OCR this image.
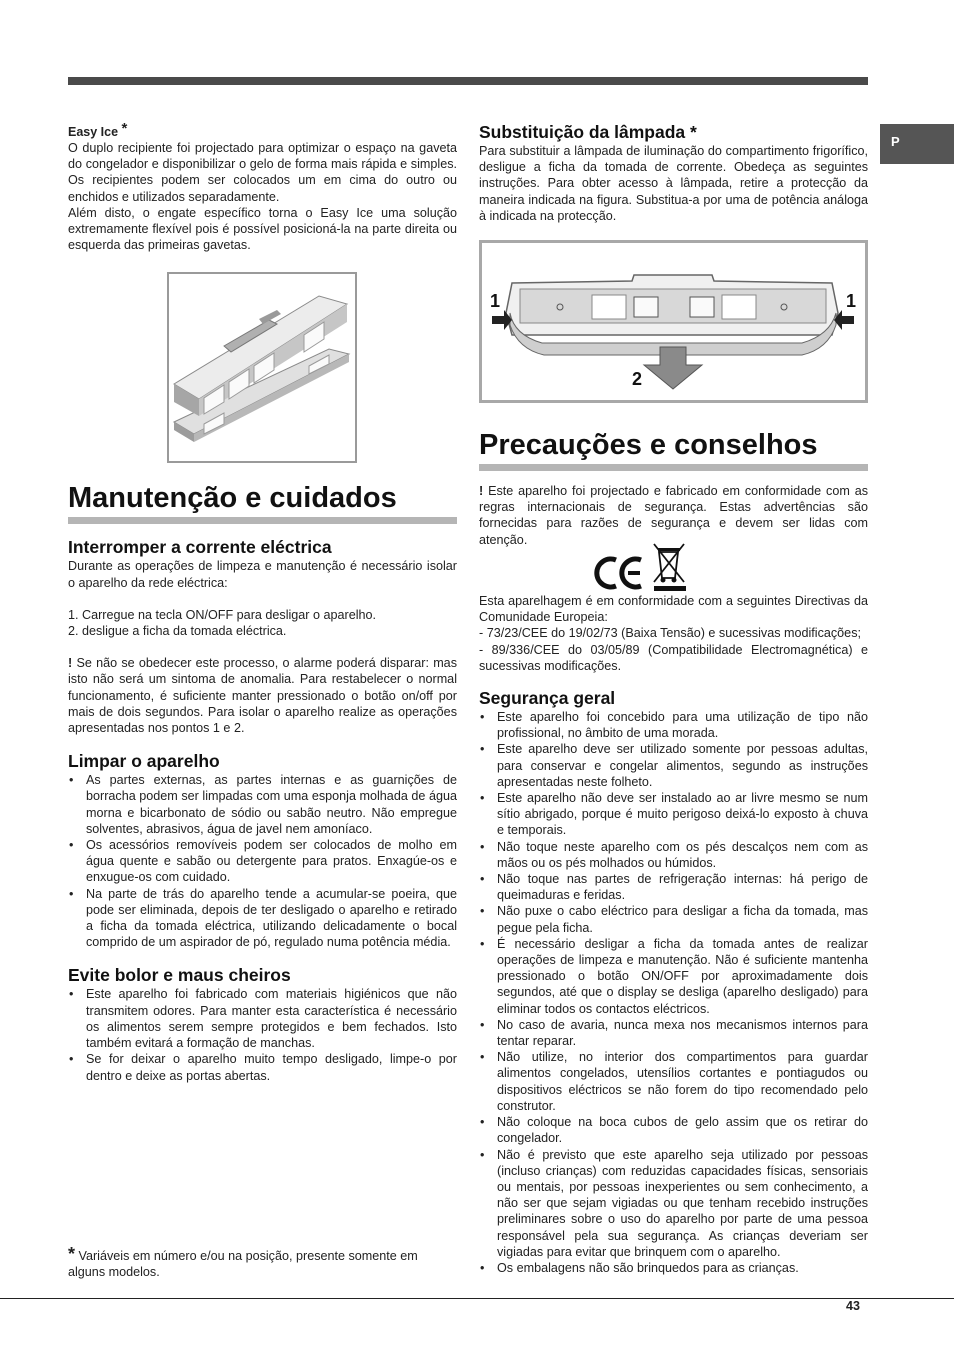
P
Easy Ice *

O duplo recipiente foi projectado para optimizar o espaço na gaveta do congelador e disponibilizar o gelo de forma mais rápida e simples. Os recipientes podem ser colocados um em cima do outro ou enchidos e utilizados separadamente.

Além disto, o engate específico torna o Easy Ice uma solução extremamente flexível pois é possível posicioná-la na parte direita ou esquerda das primeiras gavetas.

Manutenção e cuidados
Interromper a corrente eléctrica

Durante as operações de limpeza e manutenção é necessário isolar o aparelho da rede eléctrica:

1. Carregue na tecla ON/OFF para desligar o aparelho.

2. desligue a ficha da tomada eléctrica.

! Se não se obedecer este processo, o alarme poderá disparar: mas isto não será um sintoma de anomalia. Para restabelecer o normal funcionamento, é suficiente manter pressionado o botão on/off por mais de dois segundos. Para isolar o aparelho realize as operações apresentadas nos pontos 1 e 2.

Limpar o aparelho
• As partes externas, as partes internas e as guarnições de borracha podem ser limpadas com uma esponja molhada de água morna e bicarbonato de sódio ou sabão neutro. Não empregue solventes, abrasivos, água de javel nem amoníaco.
• Os acessórios removíveis podem ser colocados de molho em água quente e sabão ou detergente para pratos. Enxagúe-os e enxugue-os com cuidado.
• Na parte de trás do aparelho tende a acumular-se poeira, que pode ser eliminada, depois de ter desligado o aparelho e retirado a ficha da tomada eléctrica, utilizando delicadamente o bocal comprido de um aspirador de pó, regulado numa potência média.
Evite bolor e maus cheiros
• Este aparelho foi fabricado com materiais higiénicos que não transmitem odores. Para manter esta característica é necessário os alimentos serem sempre protegidos e bem fechados. Isto também evitará a formação de manchas.
• Se for deixar o aparelho muito tempo desligado, limpe-o por dentro e deixe as portas abertas.
* Variáveis em número e/ou na posição, presente somente em alguns modelos.
Substituição da lâmpada *

Para substituir a lâmpada de iluminação do compartimento frigorífico, desligue a ficha da tomada de corrente. Obedeça as seguintes instruções. Para obter acesso à lâmpada, retire a protecção da maneira indicada na figura. Substitua-a por uma de potência análoga à indicada na protecção.

1	1
2
Precauções e conselhos

! Este aparelho foi projectado e fabricado em conformidade com as regras internacionais de segurança. Estas advertências são fornecidas para razões de segurança e devem ser lidas com atenção.

Esta aparelhagem é em conformidade com a seguintes Directivas da Comunidade Europeia:

- 73/23/CEE do 19/02/73 (Baixa Tensão) e sucessivas modificações;

- 89/336/CEE do 03/05/89 (Compatibilidade Electromagnética) e sucessivas modificações.

Segurança geral
• Este aparelho foi concebido para uma utilização de tipo não profissional, no âmbito de uma morada.
• Este aparelho deve ser utilizado somente por pessoas adultas, para conservar e congelar alimentos, segundo as instruções apresentadas neste folheto.
• Este aparelho não deve ser instalado ao ar livre mesmo se num sítio abrigado, porque é muito perigoso deixá-lo exposto à chuva e temporais.
• Não toque neste aparelho com os pés descalços nem com as mãos ou os pés molhados ou húmidos.
• Não toque nas partes de refrigeração internas: há perigo de queimaduras e feridas.
• Não puxe o cabo eléctrico para desligar a ficha da tomada, mas pegue pela ficha.
• É necessário desligar a ficha da tomada antes de realizar operações de limpeza e manutenção. Não é suficiente mantenha pressionado o botão ON/OFF por aproximadamente dois segundos, até que o display se desliga (aparelho desligado) para eliminar todos os contactos eléctricos.
• No caso de avaria, nunca mexa nos mecanismos internos para tentar reparar.
• Não utilize, no interior dos compartimentos para guardar alimentos congelados, utensílios cortantes e pontiagudos ou dispositivos eléctricos se não forem do tipo recomendado pelo construtor.
• Não coloque na boca cubos de gelo assim que os retirar do congelador.
• Não é previsto que este aparelho seja utilizado por pessoas (incluso crianças) com reduzidas capacidades físicas, sensoriais ou mentais, por pessoas inexperientes ou sem conhecimento, a não ser que sejam vigiadas ou que tenham recebido instruções preliminares sobre o uso do aparelho por parte de uma pessoa responsável pela sua segurança. As crianças deveriam ser vigiadas para evitar que brinquem com o aparelho.
• Os embalagens não são brinquedos para as crianças.
43
